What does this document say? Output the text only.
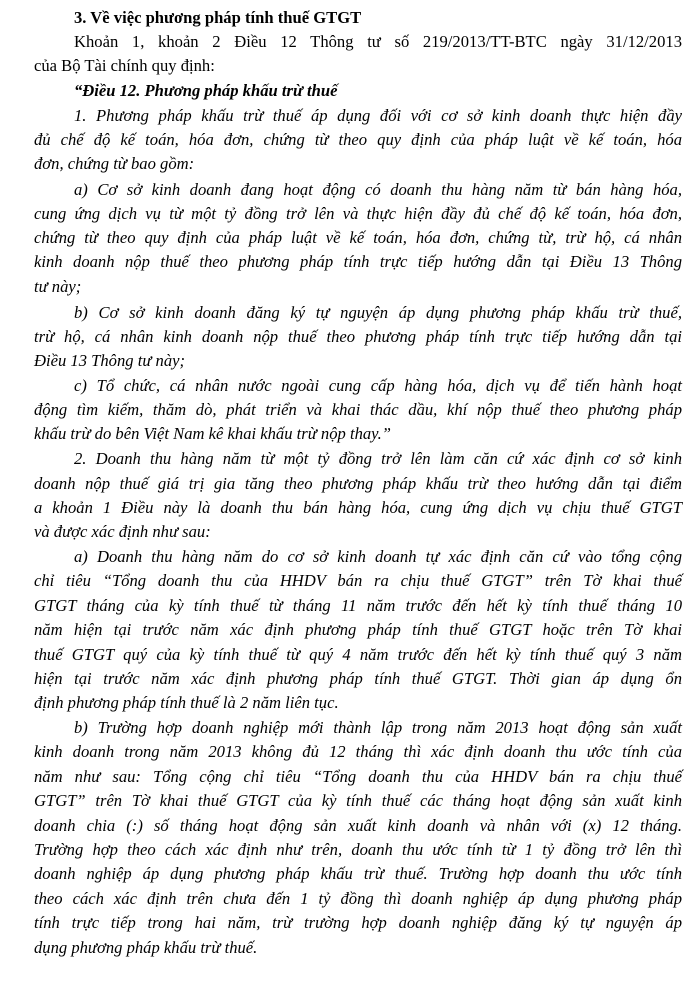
3. Về việc phương pháp tính thuế GTGT
Khoản 1, khoản 2 Điều 12 Thông tư số 219/2013/TT-BTC ngày 31/12/2013
của Bộ Tài chính quy định:
“Điều 12. Phương pháp khấu trừ thuế
1. Phương pháp khấu trừ thuế áp dụng đối với cơ sở kinh doanh thực hiện đầy
đủ chế độ kế toán, hóa đơn, chứng từ theo quy định của pháp luật về kế toán, hóa
đơn, chứng từ bao gồm:
a) Cơ sở kinh doanh đang hoạt động có doanh thu hàng năm từ bán hàng hóa,
cung ứng dịch vụ từ một tỷ đồng trở lên và thực hiện đầy đủ chế độ kế toán, hóa đơn,
chứng từ theo quy định của pháp luật về kế toán, hóa đơn, chứng từ, trừ hộ, cá nhân
kinh doanh nộp thuế theo phương pháp tính trực tiếp hướng dẫn tại Điều 13 Thông
tư này;
b) Cơ sở kinh doanh đăng ký tự nguyện áp dụng phương pháp khấu trừ thuế,
trừ hộ, cá nhân kinh doanh nộp thuế theo phương pháp tính trực tiếp hướng dẫn tại
Điều 13 Thông tư này;
c) Tổ chức, cá nhân nước ngoài cung cấp hàng hóa, dịch vụ để tiến hành hoạt
động tìm kiếm, thăm dò, phát triển và khai thác dầu, khí nộp thuế theo phương pháp
khấu trừ do bên Việt Nam kê khai khấu trừ nộp thay.”
2. Doanh thu hàng năm từ một tỷ đồng trở lên làm căn cứ xác định cơ sở kinh
doanh nộp thuế giá trị gia tăng theo phương pháp khấu trừ theo hướng dẫn tại điểm
a khoản 1 Điều này là doanh thu bán hàng hóa, cung ứng dịch vụ chịu thuế GTGT
và được xác định như sau:
a) Doanh thu hàng năm do cơ sở kinh doanh tự xác định căn cứ vào tổng cộng
chỉ tiêu “Tổng doanh thu của HHDV bán ra chịu thuế GTGT” trên Tờ khai thuế
GTGT tháng của kỳ tính thuế từ tháng 11 năm trước đến hết kỳ tính thuế tháng 10
năm hiện tại trước năm xác định phương pháp tính thuế GTGT hoặc trên Tờ khai
thuế GTGT quý của kỳ tính thuế từ quý 4 năm trước đến hết kỳ tính thuế quý 3 năm
hiện tại trước năm xác định phương pháp tính thuế GTGT. Thời gian áp dụng ổn
định phương pháp tính thuế là 2 năm liên tục.
b) Trường hợp doanh nghiệp mới thành lập trong năm 2013 hoạt động sản xuất
kinh doanh trong năm 2013 không đủ 12 tháng thì xác định doanh thu ước tính của
năm như sau: Tổng cộng chỉ tiêu “Tổng doanh thu của HHDV bán ra chịu thuế
GTGT” trên Tờ khai thuế GTGT của kỳ tính thuế các tháng hoạt động sản xuất kinh
doanh chia (:) số tháng hoạt động sản xuất kinh doanh và nhân với (x) 12 tháng.
Trường hợp theo cách xác định như trên, doanh thu ước tính từ 1 tỷ đồng trở lên thì
doanh nghiệp áp dụng phương pháp khấu trừ thuế. Trường hợp doanh thu ước tính
theo cách xác định trên chưa đến 1 tỷ đồng thì doanh nghiệp áp dụng phương pháp
tính trực tiếp trong hai năm, trừ trường hợp doanh nghiệp đăng ký tự nguyện áp
dụng phương pháp khấu trừ thuế.
